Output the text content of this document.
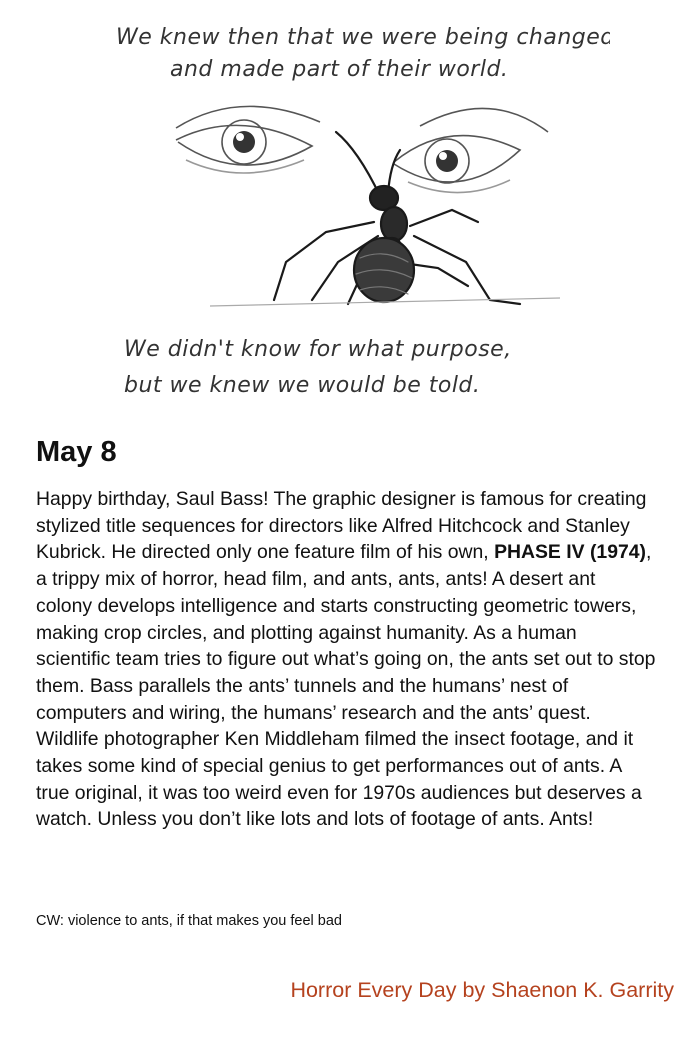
We knew then that we were being changed
and made part of their world.
We didn't know for what purpose,
but we knew we would be told.
May 8

Happy birthday, Saul Bass! The graphic designer is famous for creating stylized title sequences for directors like Alfred Hitchcock and Stanley Kubrick. He directed only one feature film of his own, PHASE IV (1974), a trippy mix of horror, head film, and ants, ants, ants! A desert ant colony develops intelligence and starts constructing geometric towers, making crop circles, and plotting against humanity. As a human scientific team tries to figure out what’s going on, the ants set out to stop them. Bass parallels the ants’ tunnels and the humans’ nest of computers and wiring, the humans’ research and the ants’ quest. Wildlife photographer Ken Middleham filmed the insect footage, and it takes some kind of special genius to get performances out of ants. A true original, it was too weird even for 1970s audiences but deserves a watch. Unless you don’t like lots and lots of footage of ants. Ants!

CW: violence to ants, if that makes you feel bad

Horror Every Day by Shaenon K. Garrity
